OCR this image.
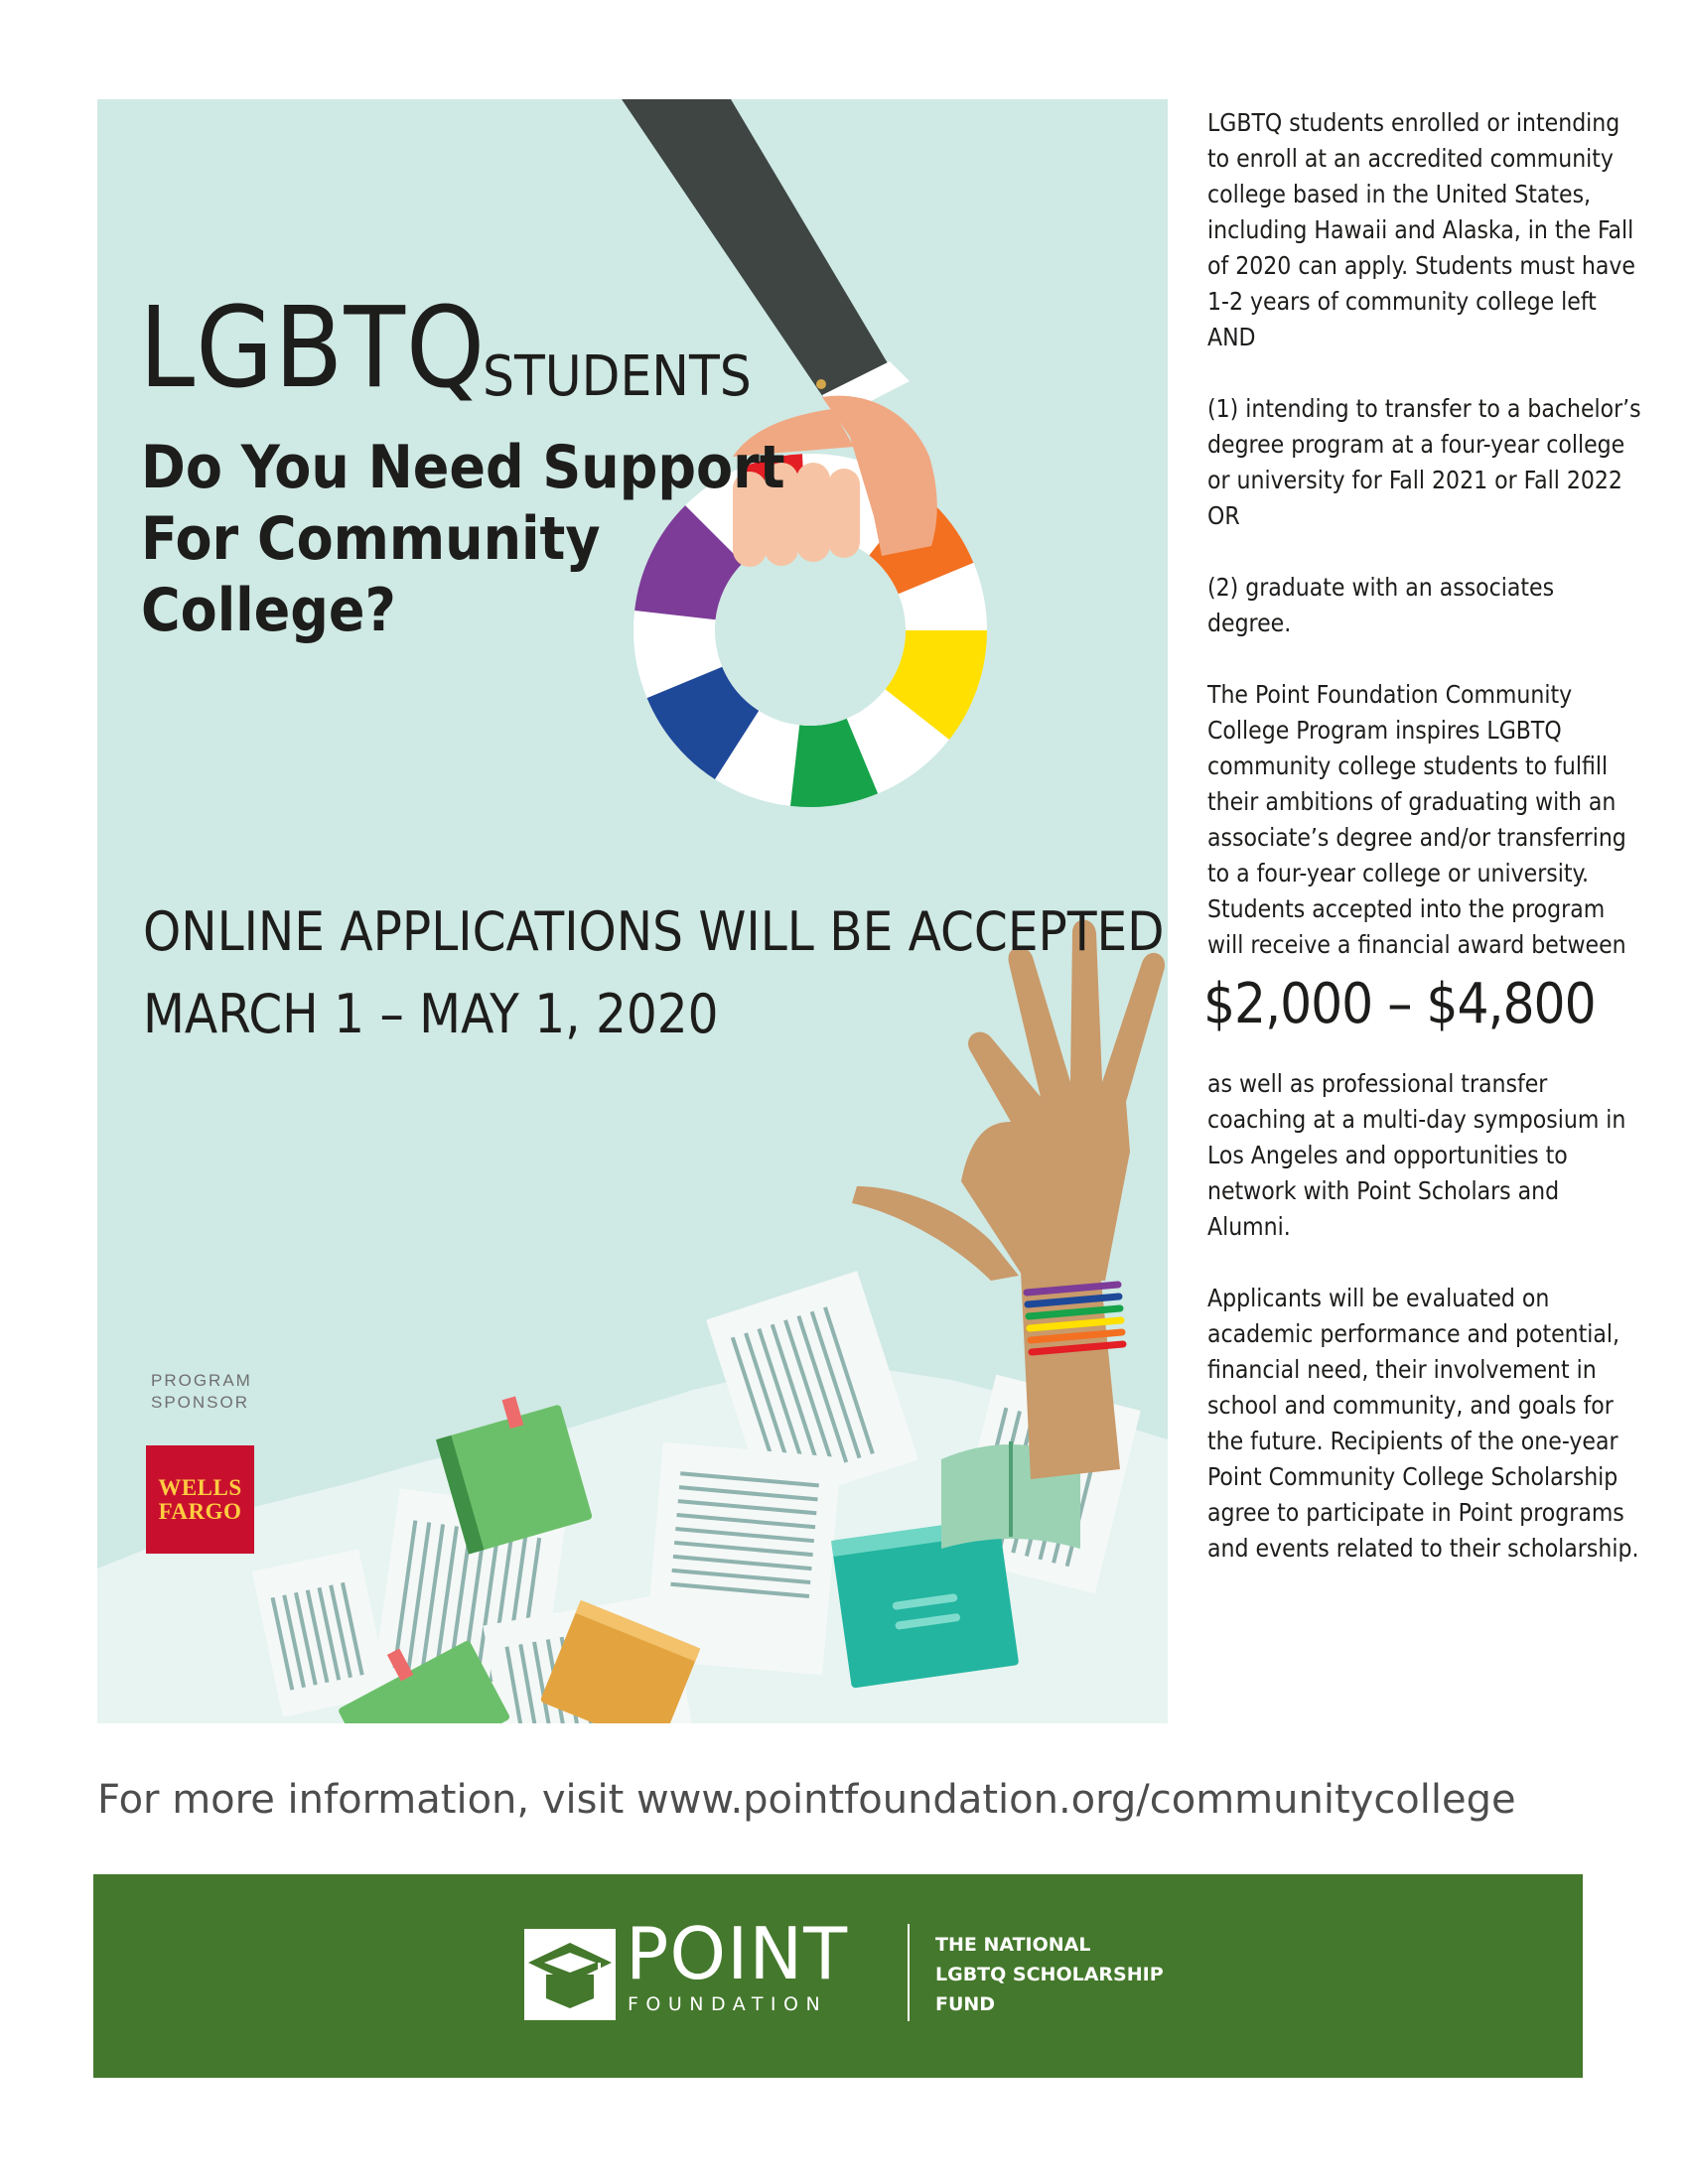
LGBTQ
STUDENTS
Do You Need Support For Community College?
ONLINE APPLICATIONS WILL BE ACCEPTED
MARCH 1 – MAY 1, 2020
PROGRAM
SPONSOR
WELLS
FARGO

LGBTQ students enrolled or intending to enroll at an accredited community college based in the United States, including Hawaii and Alaska, in the Fall of 2020 can apply. Students must have 1-2 years of community college left AND

(1) intending to transfer to a bachelor’s degree program at a four-year college or university for Fall 2021 or Fall 2022 OR

(2) graduate with an associates degree.

The Point Foundation Community College Program inspires LGBTQ community college students to fulfill their ambitions of graduating with an associate’s degree and/or transferring to a four-year college or university. Students accepted into the program will receive a financial award between

$2,000 – $4,800

as well as professional transfer coaching at a multi-day symposium in Los Angeles and opportunities to network with Point Scholars and Alumni.

Applicants will be evaluated on academic performance and potential, financial need, their involvement in school and community, and goals for the future. Recipients of the one-year Point Community College Scholarship agree to participate in Point programs and events related to their scholarship.

For more information, visit www.pointfoundation.org/communitycollege
POINT
FOUNDATION
THE NATIONAL
LGBTQ SCHOLARSHIP
FUND
